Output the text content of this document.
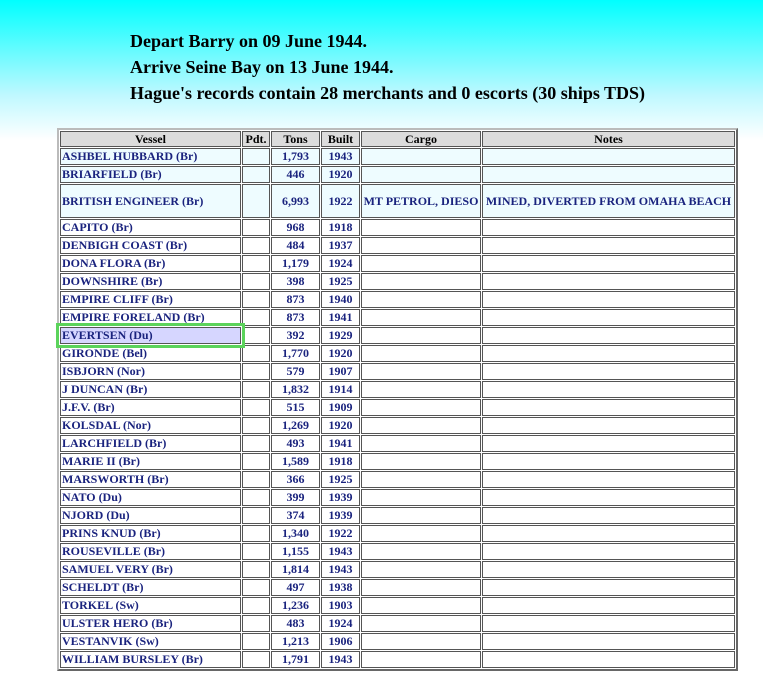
Depart Barry on 09 June 1944.
Arrive Seine Bay on 13 June 1944.
Hague's records contain 28 merchants and 0 escorts (30 ships TDS)
Vessel	Pdt.	Tons	Built	Cargo	Notes
ASHBEL HUBBARD (Br)		1,793	1943		
BRIARFIELD (Br)		446	1920		
BRITISH ENGINEER (Br)		6,993	1922	MT PETROL, DIESO	MINED, DIVERTED FROM OMAHA BEACH
CAPITO (Br)		968	1918		
DENBIGH COAST (Br)		484	1937		
DONA FLORA (Br)		1,179	1924		
DOWNSHIRE (Br)		398	1925		
EMPIRE CLIFF (Br)		873	1940		
EMPIRE FORELAND (Br)		873	1941		
EVERTSEN (Du)		392	1929		
GIRONDE (Bel)		1,770	1920		
ISBJORN (Nor)		579	1907		
J DUNCAN (Br)		1,832	1914		
J.F.V. (Br)		515	1909		
KOLSDAL (Nor)		1,269	1920		
LARCHFIELD (Br)		493	1941		
MARIE II (Br)		1,589	1918		
MARSWORTH (Br)		366	1925		
NATO (Du)		399	1939		
NJORD (Du)		374	1939		
PRINS KNUD (Br)		1,340	1922		
ROUSEVILLE (Br)		1,155	1943		
SAMUEL VERY (Br)		1,814	1943		
SCHELDT (Br)		497	1938		
TORKEL (Sw)		1,236	1903		
ULSTER HERO (Br)		483	1924		
VESTANVIK (Sw)		1,213	1906		
WILLIAM BURSLEY (Br)		1,791	1943		
